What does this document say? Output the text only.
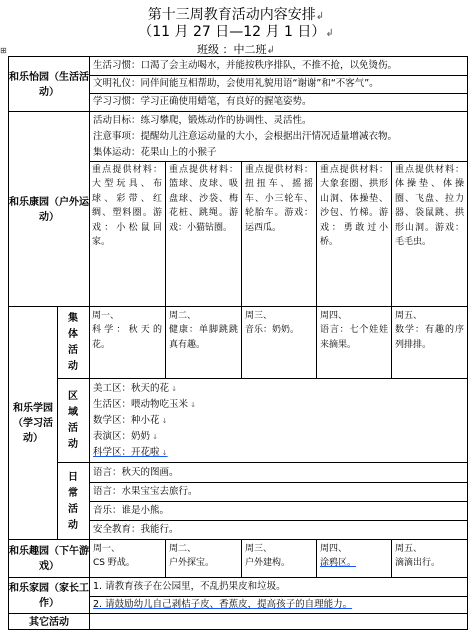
第十三周教育活动内容安排↲
（11 月 27 日—12 月 1 日）↲
班级 ：中二班↲
⊞
和乐怡园（生活活动）
生活习惯：口渴了会主动喝水，并能按秩序排队，不推不抢，以免烫伤。
文明礼仪：同伴间能互相帮助，会使用礼貌用语“谢谢”和“不客气”。
学习习惯：学习正确使用蜡笔，有良好的握笔姿势。
和乐康园（户外运动）
活动目标：练习攀爬，锻炼动作的协调性、灵活性。
注意事项：提醒幼儿注意运动量的大小，会根据出汗情况适量增减衣物。
集体运动：花果山上的小猴子
重点提供材料：大型玩具、布球、彩带、红绸、塑料圈。游戏：小松鼠回家。
重点提供材料：篮球、皮球、吸盘球、沙袋、梅花桩、跳绳。游戏：小猫钻圈。
重点提供材料：扭扭车、摇摇车、小三轮车、轮胎车。游戏：运西瓜。
重点提供材料：大象套圈、拱形山洞、体操垫、沙包、竹梯。游戏：勇敢过小桥。
重点提供材料：体操垫、体操圈、飞盘、拉力器、袋鼠跳、拱形山洞。游戏：毛毛虫。
和乐学园（学习活动）
集体活动
周一、
科学：秋天的花。
周二、
健康：单脚跳跳真有趣。
周三、
音乐：奶奶。
周四、
语言：七个娃娃来摘果。
周五、
数学：有趣的序列排排。
区域活动
美工区：秋天的花 ↓
生活区：喂动物吃玉米 ↓
数学区：种小花 ↓
表演区：奶奶 ↓
科学区：开花啦 ↓
日常活动
语言：秋天的图画。
语言：水果宝宝去旅行。
音乐：谁是小熊。
安全教育：我能行。
和乐趣园（下午游戏）
周一、
CS 野战。
周二、
户外探宝。
周三、
户外建构。
周四、
涂鸦区。
周五、
滴滴出行。
和乐家园（家长工作）
1. 请教育孩子在公园里，不乱扔果皮和垃圾。
2. 请鼓励幼儿自己剥桔子皮、香蕉皮，提高孩子的自理能力。
其它活动
